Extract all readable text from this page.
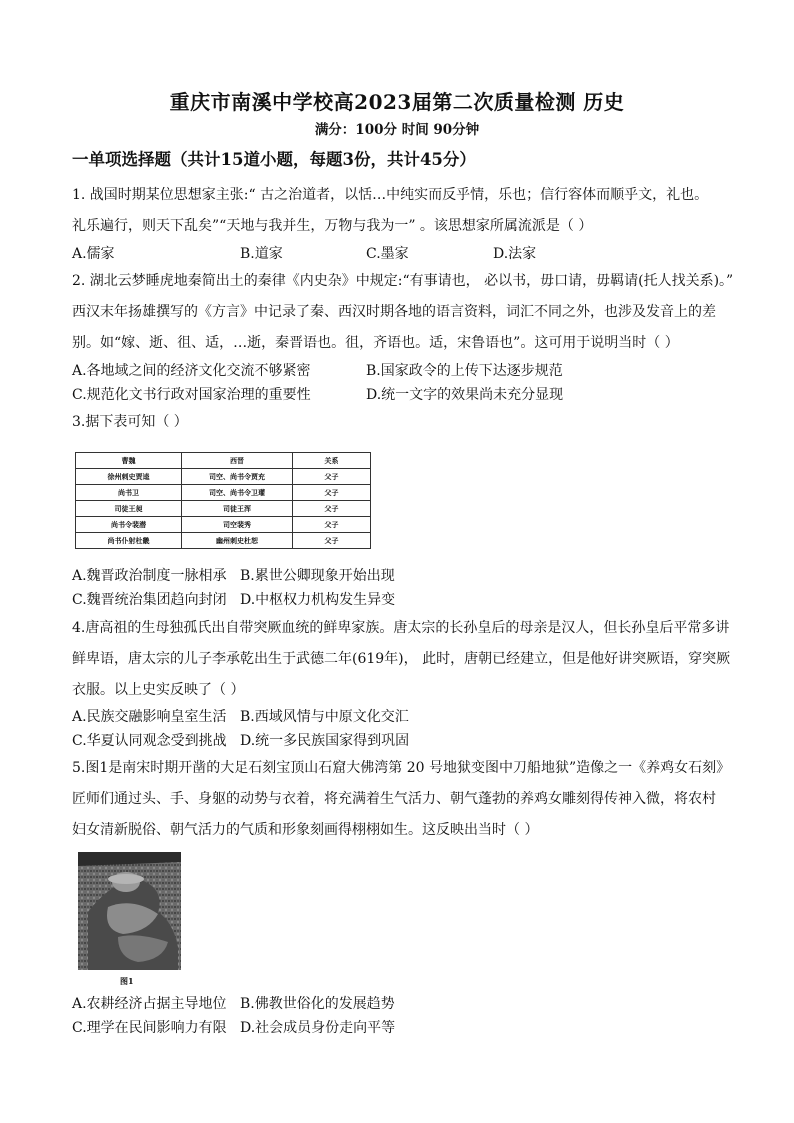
重庆市南溪中学校高2023届第二次质量检测 历史
满分：100分 时间 90分钟
一单项选择题（共计15道小题，每题3份，共计45分）
1. 战国时期某位思想家主张:“ 古之治道者，以恬…中纯实而反乎情，乐也；信行容体而顺乎文，礼也。
礼乐遍行，则天下乱矣”“天地与我并生，万物与我为一” 。该思想家所属流派是（ ）
A.儒家	B.道家	C.墨家	D.法家
2. 湖北云梦睡虎地秦简出土的秦律《内史杂》中规定:“有事请也， 必以书，毋口请，毋羁请(托人找关系)。”
西汉末年扬雄撰写的《方言》中记录了秦、西汉时期各地的语言资料，词汇不同之外，也涉及发音上的差
别。如“嫁、逝、徂、适，…逝，秦晋语也。徂，齐语也。适，宋鲁语也”。这可用于说明当时（ ）
A.各地域之间的经济文化交流不够紧密	B.国家政令的上传下达逐步规范
C.规范化文书行政对国家治理的重要性	D.统一文字的效果尚未充分显现
3.据下表可知（ ）
曹魏	西晋	关系
徐州刺史贾逵	司空、尚书令贾充	父子
尚书卫	司空、尚书令卫瓘	父子
司徒王昶	司徒王浑	父子
尚书令裴潜	司空裴秀	父子
尚书仆射杜畿	幽州刺史杜恕	父子
A.魏晋政治制度一脉相承 B.累世公卿现象开始出现
C.魏晋统治集团趋向封闭 D.中枢权力机构发生异变
4.唐高祖的生母独孤氏出自带突厥血统的鲜卑家族。唐太宗的长孙皇后的母亲是汉人，但长孙皇后平常多讲
鲜卑语，唐太宗的儿子李承乾出生于武德二年(619年)， 此时，唐朝已经建立，但是他好讲突厥语，穿突厥
衣服。以上史实反映了（ ）
A.民族交融影响皇室生活 B.西域风情与中原文化交汇
C.华夏认同观念受到挑战 D.统一多民族国家得到巩固
5.图1是南宋时期开凿的大足石刻宝顶山石窟大佛湾第 20 号地狱变图中刀船地狱”造像之一《养鸡女石刻》
匠师们通过头、手、身躯的动势与衣着，将充满着生气活力、朝气蓬勃的养鸡女雕刻得传神入微，将农村
妇女清新脱俗、朝气活力的气质和形象刻画得栩栩如生。这反映出当时（ ）
图1
A.农耕经济占据主导地位 B.佛教世俗化的发展趋势
C.理学在民间影响力有限 D.社会成员身份走向平等
